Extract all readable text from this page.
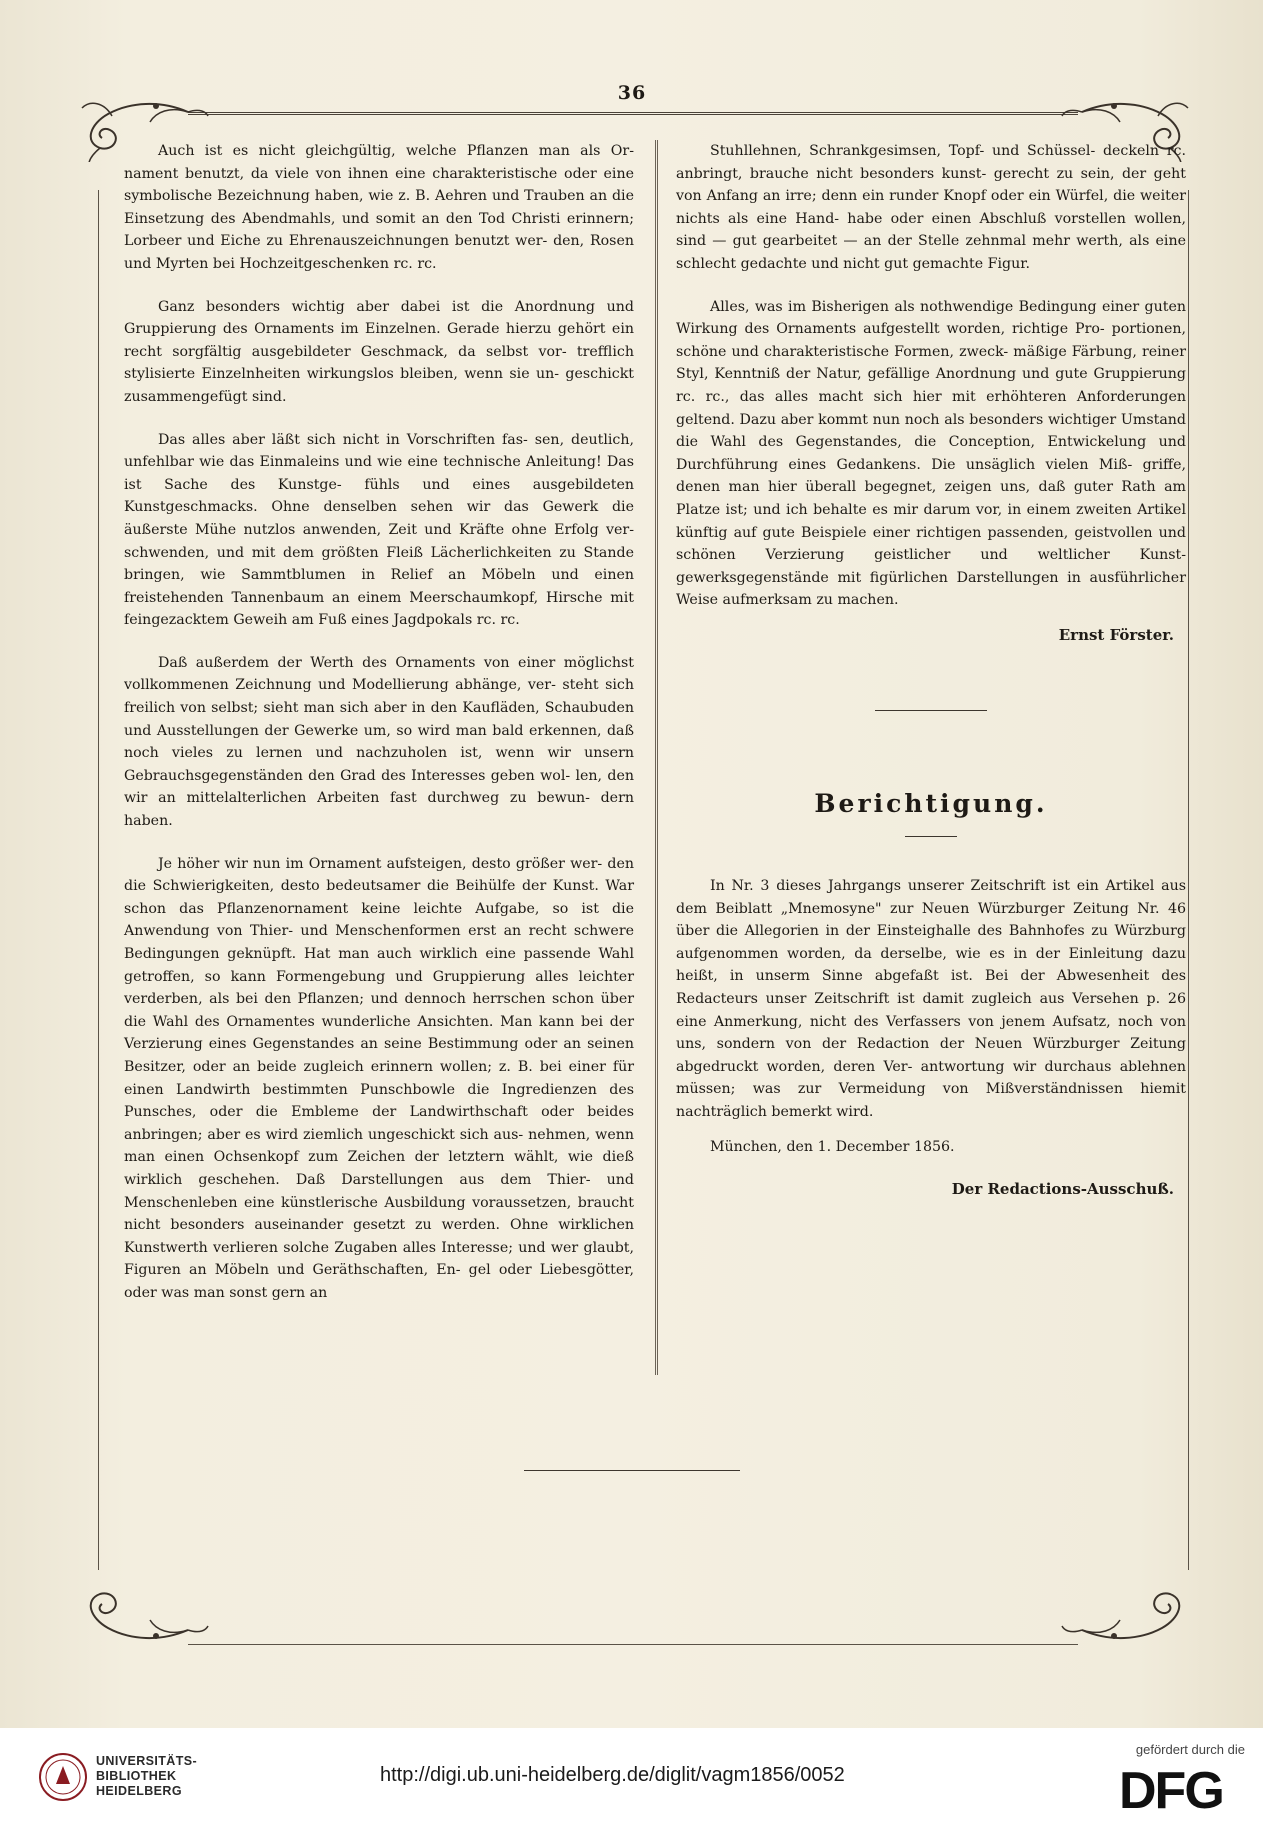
36

Auch ist es nicht gleichgültig, welche Pflanzen man als Or- nament benutzt, da viele von ihnen eine charakteristische oder eine symbolische Bezeichnung haben, wie z. B. Aehren und Trauben an die Einsetzung des Abendmahls, und somit an den Tod Christi erinnern; Lorbeer und Eiche zu Ehrenauszeichnungen benutzt wer- den, Rosen und Myrten bei Hochzeitgeschenken rc. rc.

Ganz besonders wichtig aber dabei ist die Anordnung und Gruppierung des Ornaments im Einzelnen. Gerade hierzu gehört ein recht sorgfältig ausgebildeter Geschmack, da selbst vor- trefflich stylisierte Einzelnheiten wirkungslos bleiben, wenn sie un- geschickt zusammengefügt sind.

Das alles aber läßt sich nicht in Vorschriften fas- sen, deutlich, unfehlbar wie das Einmaleins und wie eine technische Anleitung! Das ist Sache des Kunstge- fühls und eines ausgebildeten Kunstgeschmacks. Ohne denselben sehen wir das Gewerk die äußerste Mühe nutzlos anwenden, Zeit und Kräfte ohne Erfolg ver- schwenden, und mit dem größten Fleiß Lächerlichkeiten zu Stande bringen, wie Sammtblumen in Relief an Möbeln und einen freistehenden Tannenbaum an einem Meerschaumkopf, Hirsche mit feingezacktem Geweih am Fuß eines Jagdpokals rc. rc.

Daß außerdem der Werth des Ornaments von einer möglichst vollkommenen Zeichnung und Modellierung abhänge, ver- steht sich freilich von selbst; sieht man sich aber in den Kaufläden, Schaubuden und Ausstellungen der Gewerke um, so wird man bald erkennen, daß noch vieles zu lernen und nachzuholen ist, wenn wir unsern Gebrauchsgegenständen den Grad des Interesses geben wol- len, den wir an mittelalterlichen Arbeiten fast durchweg zu bewun- dern haben.

Je höher wir nun im Ornament aufsteigen, desto größer wer- den die Schwierigkeiten, desto bedeutsamer die Beihülfe der Kunst. War schon das Pflanzenornament keine leichte Aufgabe, so ist die Anwendung von Thier- und Menschenformen erst an recht schwere Bedingungen geknüpft. Hat man auch wirklich eine passende Wahl getroffen, so kann Formengebung und Gruppierung alles leichter verderben, als bei den Pflanzen; und dennoch herrschen schon über die Wahl des Ornamentes wunderliche Ansichten. Man kann bei der Verzierung eines Gegenstandes an seine Bestimmung oder an seinen Besitzer, oder an beide zugleich erinnern wollen; z. B. bei einer für einen Landwirth bestimmten Punschbowle die Ingredienzen des Punsches, oder die Embleme der Landwirthschaft oder beides anbringen; aber es wird ziemlich ungeschickt sich aus- nehmen, wenn man einen Ochsenkopf zum Zeichen der letztern wählt, wie dieß wirklich geschehen. Daß Darstellungen aus dem Thier- und Menschenleben eine künstlerische Ausbildung voraussetzen, braucht nicht besonders auseinander gesetzt zu werden. Ohne wirklichen Kunstwerth verlieren solche Zugaben alles Interesse; und wer glaubt, Figuren an Möbeln und Geräthschaften, En- gel oder Liebesgötter, oder was man sonst gern an

Stuhllehnen, Schrankgesimsen, Topf- und Schüssel- deckeln rc. anbringt, brauche nicht besonders kunst- gerecht zu sein, der geht von Anfang an irre; denn ein runder Knopf oder ein Würfel, die weiter nichts als eine Hand- habe oder einen Abschluß vorstellen wollen, sind — gut gearbeitet — an der Stelle zehnmal mehr werth, als eine schlecht gedachte und nicht gut gemachte Figur.

Alles, was im Bisherigen als nothwendige Bedingung einer guten Wirkung des Ornaments aufgestellt worden, richtige Pro- portionen, schöne und charakteristische Formen, zweck- mäßige Färbung, reiner Styl, Kenntniß der Natur, gefällige Anordnung und gute Gruppierung rc. rc., das alles macht sich hier mit erhöhteren Anforderungen geltend. Dazu aber kommt nun noch als besonders wichtiger Umstand die Wahl des Gegenstandes, die Conception, Entwickelung und Durchführung eines Gedankens. Die unsäglich vielen Miß- griffe, denen man hier überall begegnet, zeigen uns, daß guter Rath am Platze ist; und ich behalte es mir darum vor, in einem zweiten Artikel künftig auf gute Beispiele einer richtigen passenden, geistvollen und schönen Verzierung geistlicher und weltlicher Kunst- gewerksgegenstände mit figürlichen Darstellungen in ausführlicher Weise aufmerksam zu machen.

Ernst Förster.
Berichtigung.

In Nr. 3 dieses Jahrgangs unserer Zeitschrift ist ein Artikel aus dem Beiblatt „Mnemosyne" zur Neuen Würzburger Zeitung Nr. 46 über die Allegorien in der Einsteighalle des Bahnhofes zu Würzburg aufgenommen worden, da derselbe, wie es in der Einleitung dazu heißt, in unserm Sinne abgefaßt ist. Bei der Abwesenheit des Redacteurs unser Zeitschrift ist damit zugleich aus Versehen p. 26 eine Anmerkung, nicht des Verfassers von jenem Aufsatz, noch von uns, sondern von der Redaction der Neuen Würzburger Zeitung abgedruckt worden, deren Ver- antwortung wir durchaus ablehnen müssen; was zur Vermeidung von Mißverständnissen hiemit nachträglich bemerkt wird.

München, den 1. December 1856.

Der Redactions-Ausschuß.
UNIVERSITÄTS-
BIBLIOTHEK
HEIDELBERG
http://digi.ub.uni-heidelberg.de/diglit/vagm1856/0052
gefördert durch die
DFG
